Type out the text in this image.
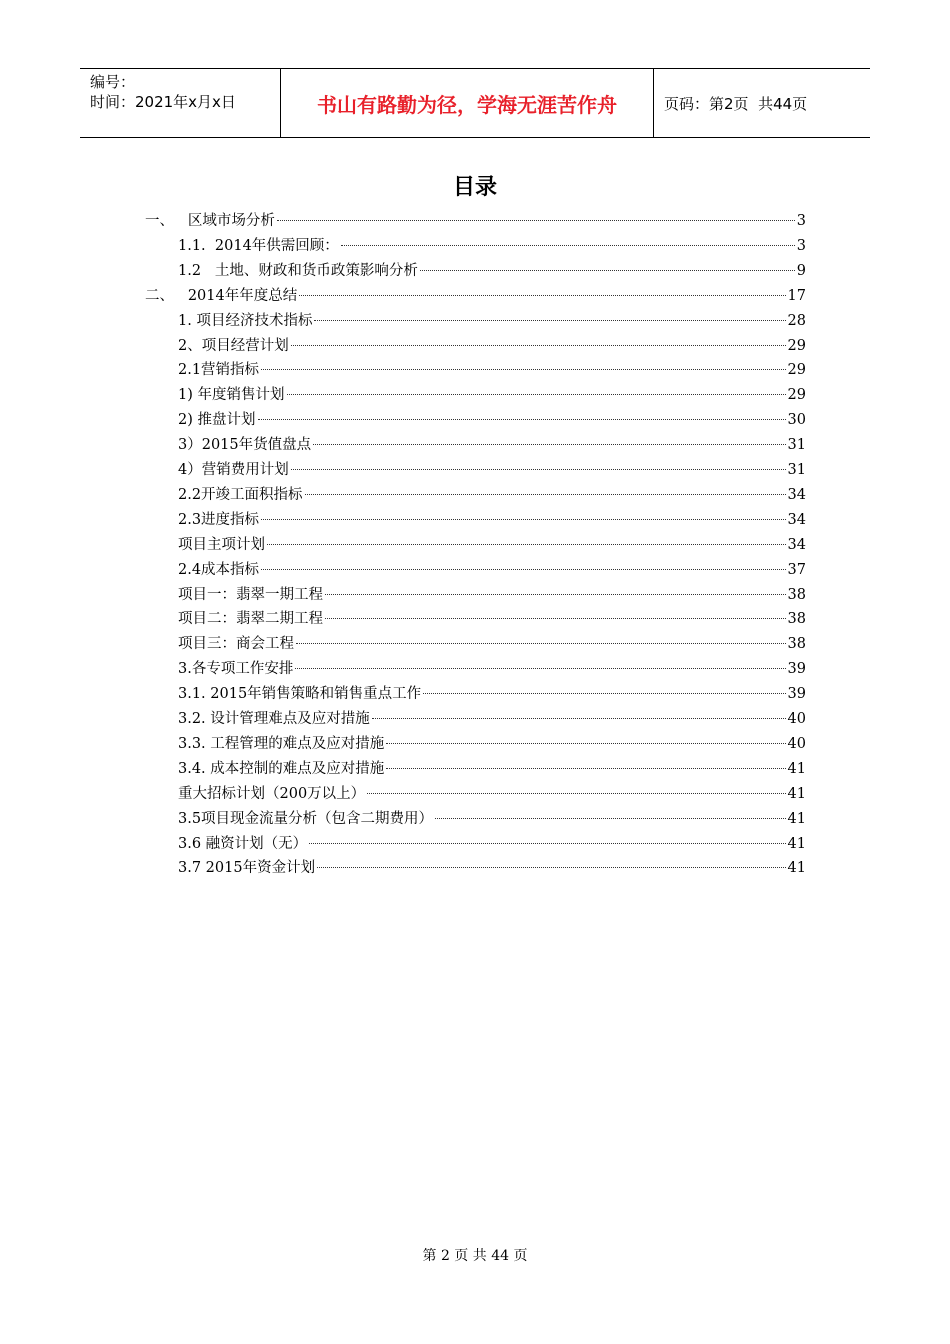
编号：
时间：2021年x月x日	书山有路勤为径，学海无涯苦作舟	页码：第2页
共44页
目录
一、   区域市场分析	3
1.1.  2014年供需回顾：	3
1.2   土地、财政和货币政策影响分析	9
二、   2014年年度总结	17
1. 项目经济技术指标	28
2、项目经营计划	29
2.1营销指标	29
1) 年度销售计划	29
2) 推盘计划	30
3）2015年货值盘点	31
4）营销费用计划	31
2.2开竣工面积指标	34
2.3进度指标	34
项目主项计划	34
2.4成本指标	37
项目一：翡翠一期工程	38
项目二：翡翠二期工程	38
项目三：商会工程	38
3.各专项工作安排	39
3.1. 2015年销售策略和销售重点工作	39
3.2. 设计管理难点及应对措施	40
3.3. 工程管理的难点及应对措施	40
3.4. 成本控制的难点及应对措施	41
重大招标计划（200万以上）	41
3.5项目现金流量分析（包含二期费用）	41
3.6 融资计划（无）	41
3.7 2015年资金计划	41
第 2 页 共 44 页
